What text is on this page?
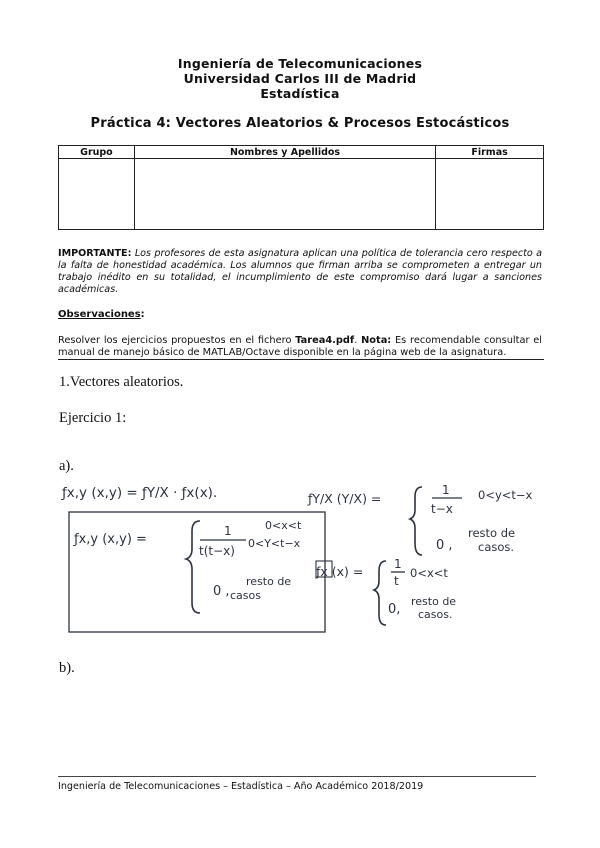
Ingeniería de Telecomunicaciones
Universidad Carlos III de Madrid
Estadística
Práctica 4: Vectores Aleatorios & Procesos Estocásticos
Grupo	Nombres y Apellidos	Firmas

IMPORTANTE: Los profesores de esta asignatura aplican una política de tolerancia cero respecto a la falta de honestidad académica. Los alumnos que firman arriba se comprometen a entregar un trabajo inédito en su totalidad, el incumplimiento de este compromiso dará lugar a sanciones académicas.
Observaciones:
Resolver los ejercicios propuestos en el fichero Tarea4.pdf. Nota: Es recomendable consultar el manual de manejo básico de MATLAB/Octave disponible en la página web de la asignatura.
1.Vectores aleatorios.
Ejercicio 1:
a).
ƒx,y (x,y) = ƒY/X · ƒx(x).	ƒY/X (Y/X) =
1
t−x
0<y<t−x
0 ,
resto de
casos.
ƒx,y (x,y) =
1
t(t−x)
0<x<t
0<Y<t−x
0 ,
resto de
casos
ƒx (x) =	1
t
0<x<t
0,
resto de
casos.
b).
Ingeniería de Telecomunicaciones – Estadística – Año Académico 2018/2019
